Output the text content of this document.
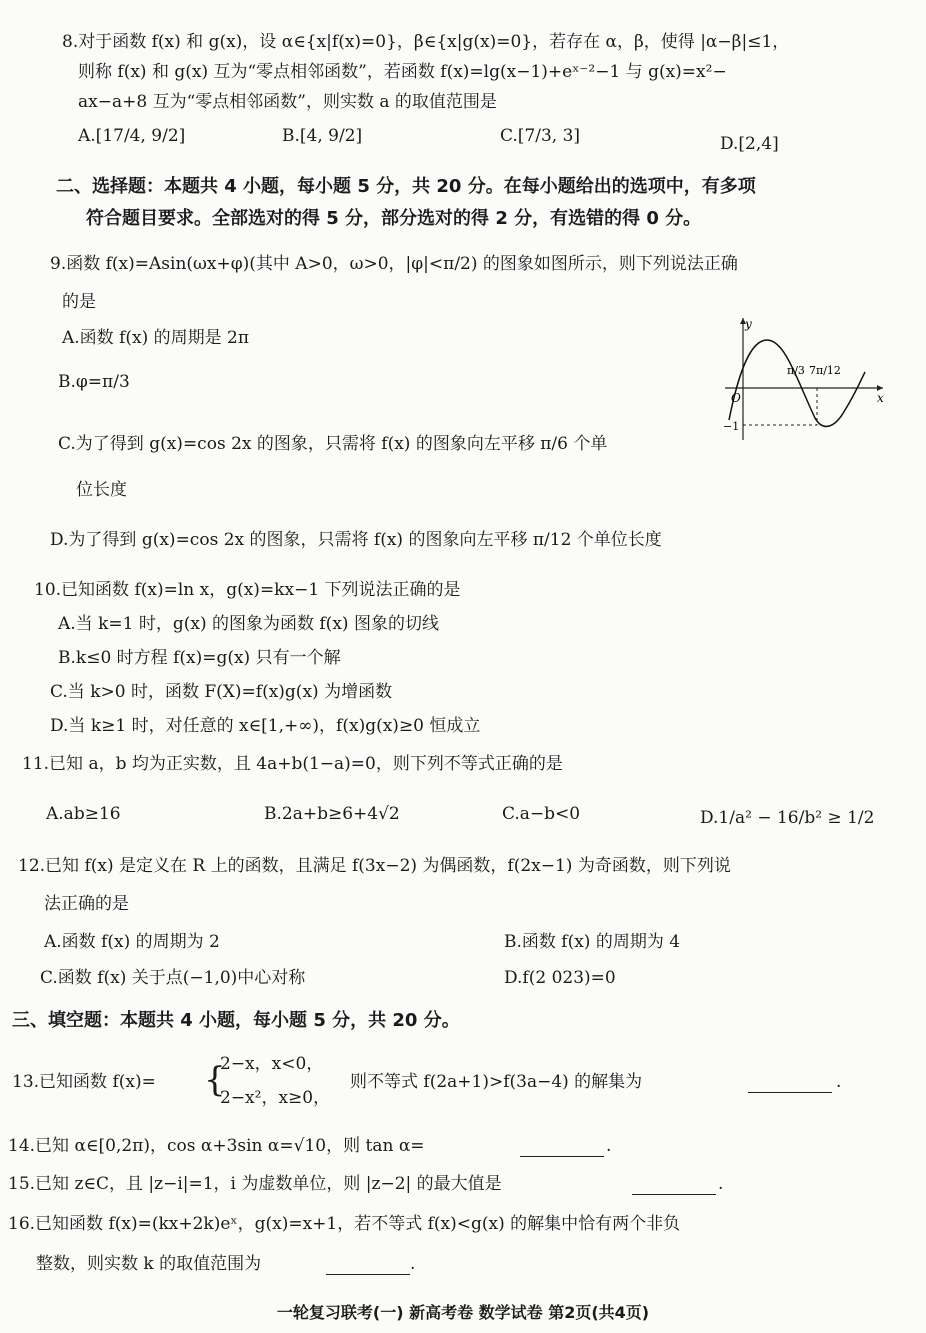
8.对于函数 f(x) 和 g(x)，设 α∈{x|f(x)=0}，β∈{x|g(x)=0}，若存在 α，β，使得 |α−β|≤1，
则称 f(x) 和 g(x) 互为“零点相邻函数”，若函数 f(x)=lg(x−1)+eˣ⁻²−1 与 g(x)=x²−
ax−a+8 互为“零点相邻函数”，则实数 a 的取值范围是
A.[17/4, 9/2]	B.[4, 9/2]	C.[7/3, 3]	D.[2,4]
二、选择题：本题共 4 小题，每小题 5 分，共 20 分。在每小题给出的选项中，有多项
符合题目要求。全部选对的得 5 分，部分选对的得 2 分，有选错的得 0 分。
9.函数 f(x)=Asin(ωx+φ)(其中 A>0，ω>0，|φ|<π/2) 的图象如图所示，则下列说法正确
的是
A.函数 f(x) 的周期是 2π
B.φ=π/3
C.为了得到 g(x)=cos 2x 的图象，只需将 f(x) 的图象向左平移 π/6 个单
位长度
D.为了得到 g(x)=cos 2x 的图象，只需将 f(x) 的图象向左平移 π/12 个单位长度
y
x
O
π/3 7π/12
−1
10.已知函数 f(x)=ln x，g(x)=kx−1 下列说法正确的是
A.当 k=1 时，g(x) 的图象为函数 f(x) 图象的切线
B.k≤0 时方程 f(x)=g(x) 只有一个解
C.当 k>0 时，函数 F(X)=f(x)g(x) 为增函数
D.当 k≥1 时，对任意的 x∈[1,+∞)，f(x)g(x)≥0 恒成立
11.已知 a，b 均为正实数，且 4a+b(1−a)=0，则下列不等式正确的是
A.ab≥16	B.2a+b≥6+4√2	C.a−b<0	D.1/a² − 16/b² ≥ 1/2
12.已知 f(x) 是定义在 R 上的函数，且满足 f(3x−2) 为偶函数，f(2x−1) 为奇函数，则下列说
法正确的是
A.函数 f(x) 的周期为 2	B.函数 f(x) 的周期为 4
C.函数 f(x) 关于点(−1,0)中心对称	D.f(2 023)=0
三、填空题：本题共 4 小题，每小题 5 分，共 20 分。
13.已知函数 f(x)= {
2−x，x<0，
2−x²，x≥0，
则不等式 f(2a+1)>f(3a−4) 的解集为	.
14.已知 α∈[0,2π)，cos α+3sin α=√10，则 tan α=	.
15.已知 z∈C，且 |z−i|=1，i 为虚数单位，则 |z−2| 的最大值是	.
16.已知函数 f(x)=(kx+2k)eˣ，g(x)=x+1，若不等式 f(x)<g(x) 的解集中恰有两个非负
整数，则实数 k 的取值范围为	.
一轮复习联考(一) 新高考卷 数学试卷 第2页(共4页)
